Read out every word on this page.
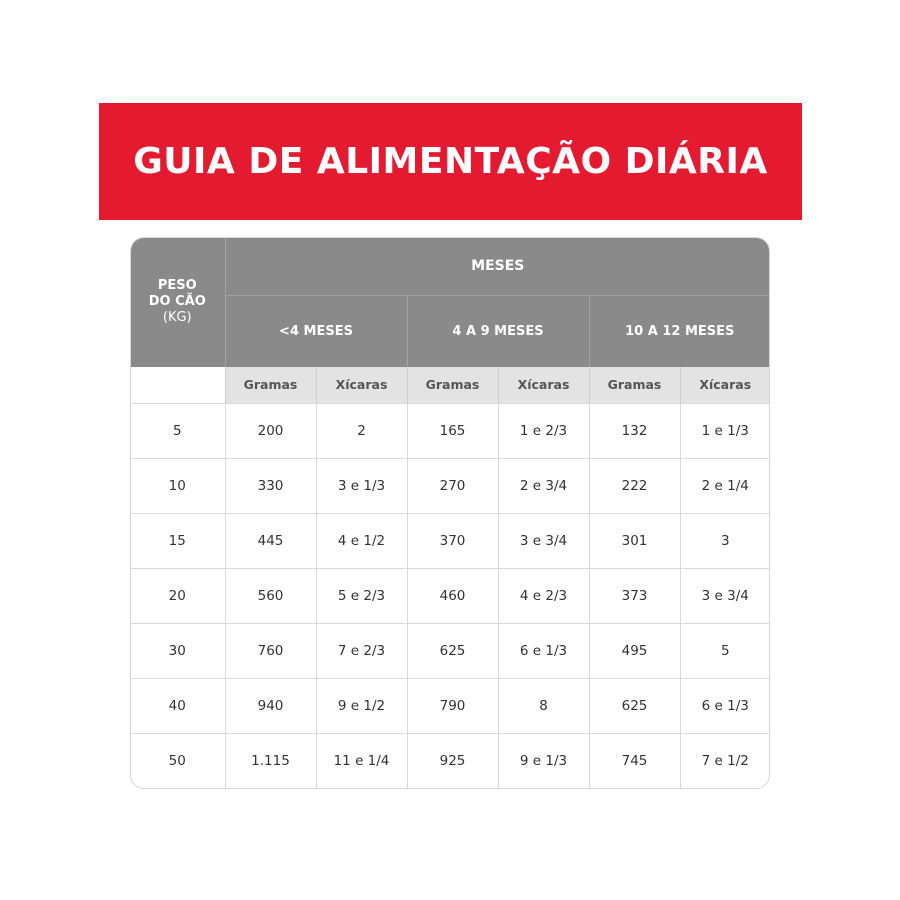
GUIA DE ALIMENTAÇÃO DIÁRIA
PESO
DO CÃO
(KG)	MESES					
	<4 MESES		4 A 9 MESES		10 A 12 MESES	
	Gramas	Xícaras	Gramas	Xícaras	Gramas	Xícaras
5	200	2	165	1 e 2/3	132	1 e 1/3
10	330	3 e 1/3	270	2 e 3/4	222	2 e 1/4
15	445	4 e 1/2	370	3 e 3/4	301	3
20	560	5 e 2/3	460	4 e 2/3	373	3 e 3/4
30	760	7 e 2/3	625	6 e 1/3	495	5
40	940	9 e 1/2	790	8	625	6 e 1/3
50	1.115	11 e 1/4	925	9 e 1/3	745	7 e 1/2
